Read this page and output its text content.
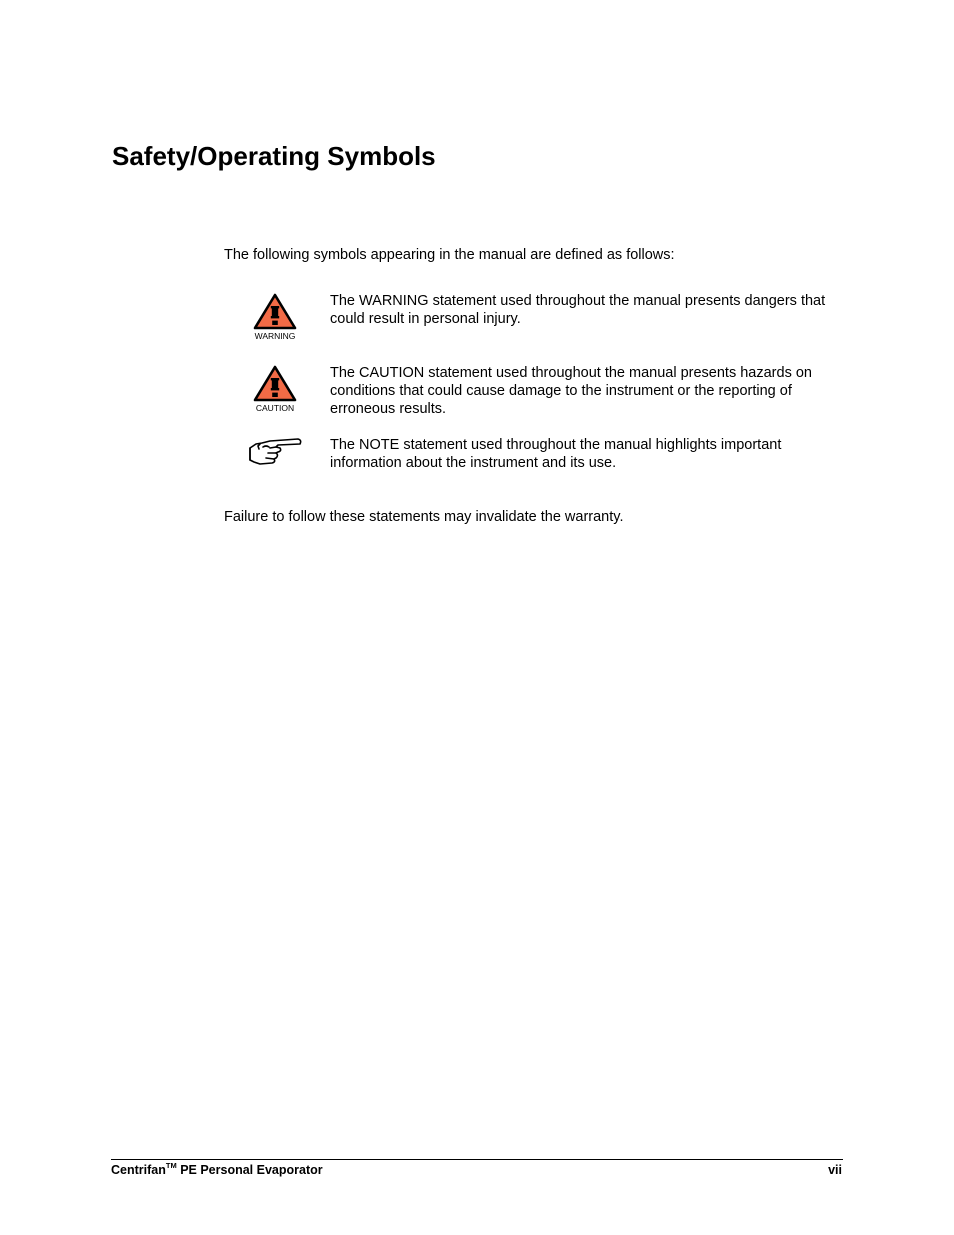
Safety/Operating Symbols
The following symbols appearing in the manual are defined as follows:
WARNING
The WARNING statement used throughout the manual presents dangers that could result in personal injury.
CAUTION
The CAUTION statement used throughout the manual presents hazards on conditions that could cause damage to the instrument or the reporting of erroneous results.
The NOTE statement used throughout the manual highlights important information about the instrument and its use.
Failure to follow these statements may invalidate the warranty.
Centrifan™ PE Personal Evaporator	vii
